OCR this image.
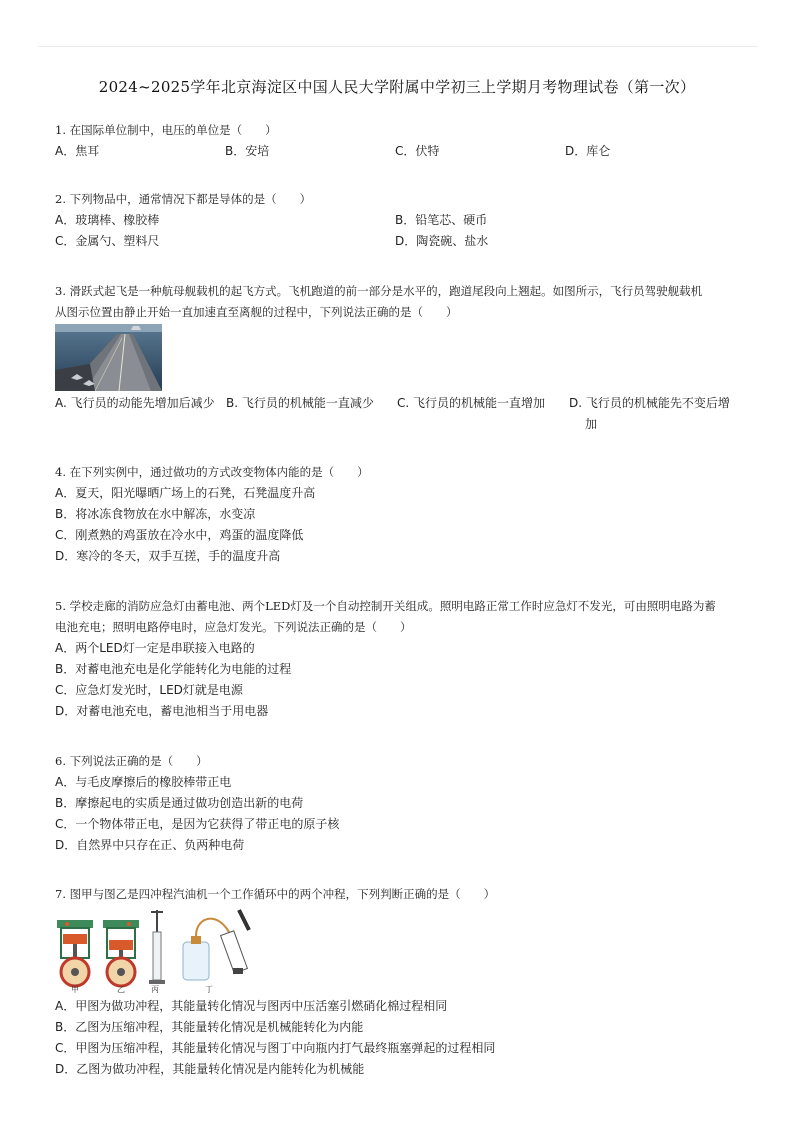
2024~2025学年北京海淀区中国人民大学附属中学初三上学期月考物理试卷（第一次）
1. 在国际单位制中，电压的单位是（　　）
A．焦耳	B．安培	C．伏特	D．库仑
2. 下列物品中，通常情况下都是导体的是（　　）
A．玻璃棒、橡胶棒	B．铅笔芯、硬币
C．金属勺、塑料尺	D．陶瓷碗、盐水
3. 滑跃式起飞是一种航母舰载机的起飞方式。飞机跑道的前一部分是水平的，跑道尾段向上翘起。如图所示，飞行员驾驶舰载机
从图示位置由静止开始一直加速直至离舰的过程中，下列说法正确的是（　　）
A. 飞行员的动能先增加后减少 B. 飞行员的机械能一直减少 C. 飞行员的机械能一直增加 D. 飞行员的机械能先不变后增
加
4. 在下列实例中，通过做功的方式改变物体内能的是（　　）
A．夏天，阳光曝晒广场上的石凳，石凳温度升高
B．将冰冻食物放在水中解冻，水变凉
C．刚煮熟的鸡蛋放在冷水中，鸡蛋的温度降低
D．寒冷的冬天，双手互搓，手的温度升高
5. 学校走廊的消防应急灯由蓄电池、两个LED灯及一个自动控制开关组成。照明电路正常工作时应急灯不发光，可由照明电路为蓄
电池充电；照明电路停电时，应急灯发光。下列说法正确的是（　　）
A．两个LED灯一定是串联接入电路的
B．对蓄电池充电是化学能转化为电能的过程
C．应急灯发光时，LED灯就是电源
D．对蓄电池充电，蓄电池相当于用电器
6. 下列说法正确的是（　　）
A．与毛皮摩擦后的橡胶棒带正电
B．摩擦起电的实质是通过做功创造出新的电荷
C．一个物体带正电，是因为它获得了带正电的原子核
D．自然界中只存在正、负两种电荷
7. 图甲与图乙是四冲程汽油机一个工作循环中的两个冲程，下列判断正确的是（　　）
甲	乙	丙	丁
A．甲图为做功冲程，其能量转化情况与图丙中压活塞引燃硝化棉过程相同
B．乙图为压缩冲程，其能量转化情况是机械能转化为内能
C．甲图为压缩冲程，其能量转化情况与图丁中向瓶内打气最终瓶塞弹起的过程相同
D．乙图为做功冲程，其能量转化情况是内能转化为机械能
